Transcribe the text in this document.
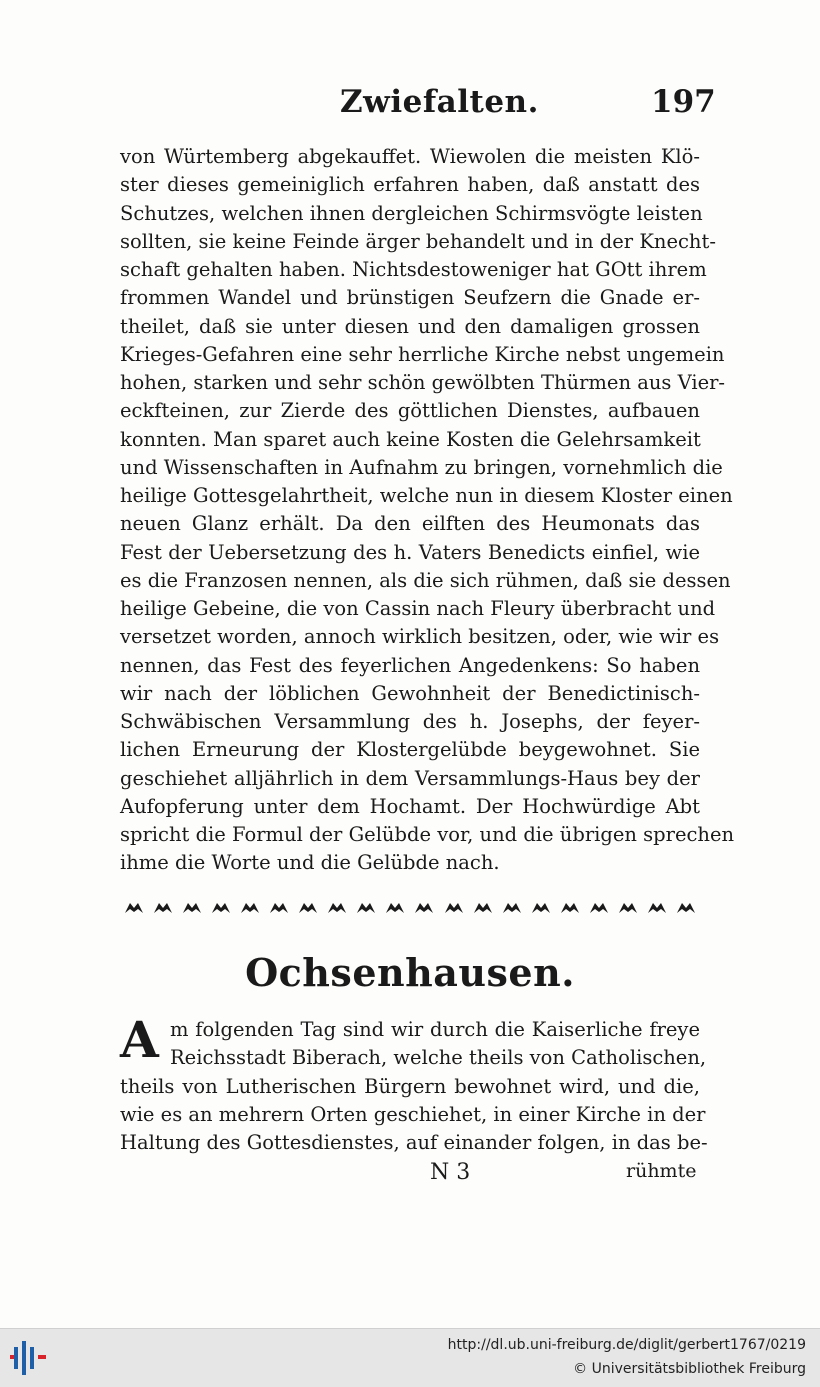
Zwiefalten.	197
von Würtemberg abgekauffet. Wiewolen die meisten Klö-
ster dieses gemeiniglich erfahren haben, daß anstatt des
Schutzes, welchen ihnen dergleichen Schirmsvögte leisten
sollten, sie keine Feinde ärger behandelt und in der Knecht-
schaft gehalten haben. Nichtsdestoweniger hat GOtt ihrem
frommen Wandel und brünstigen Seufzern die Gnade er-
theilet, daß sie unter diesen und den damaligen grossen
Krieges-Gefahren eine sehr herrliche Kirche nebst ungemein
hohen, starken und sehr schön gewölbten Thürmen aus Vier-
eckfteinen, zur Zierde des göttlichen Dienstes, aufbauen
konnten. Man sparet auch keine Kosten die Gelehrsamkeit
und Wissenschaften in Aufnahm zu bringen, vornehmlich die
heilige Gottesgelahrtheit, welche nun in diesem Kloster einen
neuen Glanz erhält. Da den eilften des Heumonats das
Fest der Uebersetzung des h. Vaters Benedicts einfiel, wie
es die Franzosen nennen, als die sich rühmen, daß sie dessen
heilige Gebeine, die von Cassin nach Fleury überbracht und
versetzet worden, annoch wirklich besitzen, oder, wie wir es
nennen, das Fest des feyerlichen Angedenkens: So haben
wir nach der löblichen Gewohnheit der Benedictinisch-
Schwäbischen Versammlung des h. Josephs, der feyer-
lichen Erneurung der Klostergelübde beygewohnet. Sie
geschiehet alljährlich in dem Versammlungs-Haus bey der
Aufopferung unter dem Hochamt. Der Hochwürdige Abt
spricht die Formul der Gelübde vor, und die übrigen sprechen
ihme die Worte und die Gelübde nach.
Ochsenhausen.
A m folgenden Tag sind wir durch die Kaiserliche freye
Reichsstadt Biberach, welche theils von Catholischen,
theils von Lutherischen Bürgern bewohnet wird, und die,
wie es an mehrern Orten geschiehet, in einer Kirche in der
Haltung des Gottesdienstes, auf einander folgen, in das be-
N 3	rühmte
http://dl.ub.uni-freiburg.de/diglit/gerbert1767/0219
© Universitätsbibliothek Freiburg
